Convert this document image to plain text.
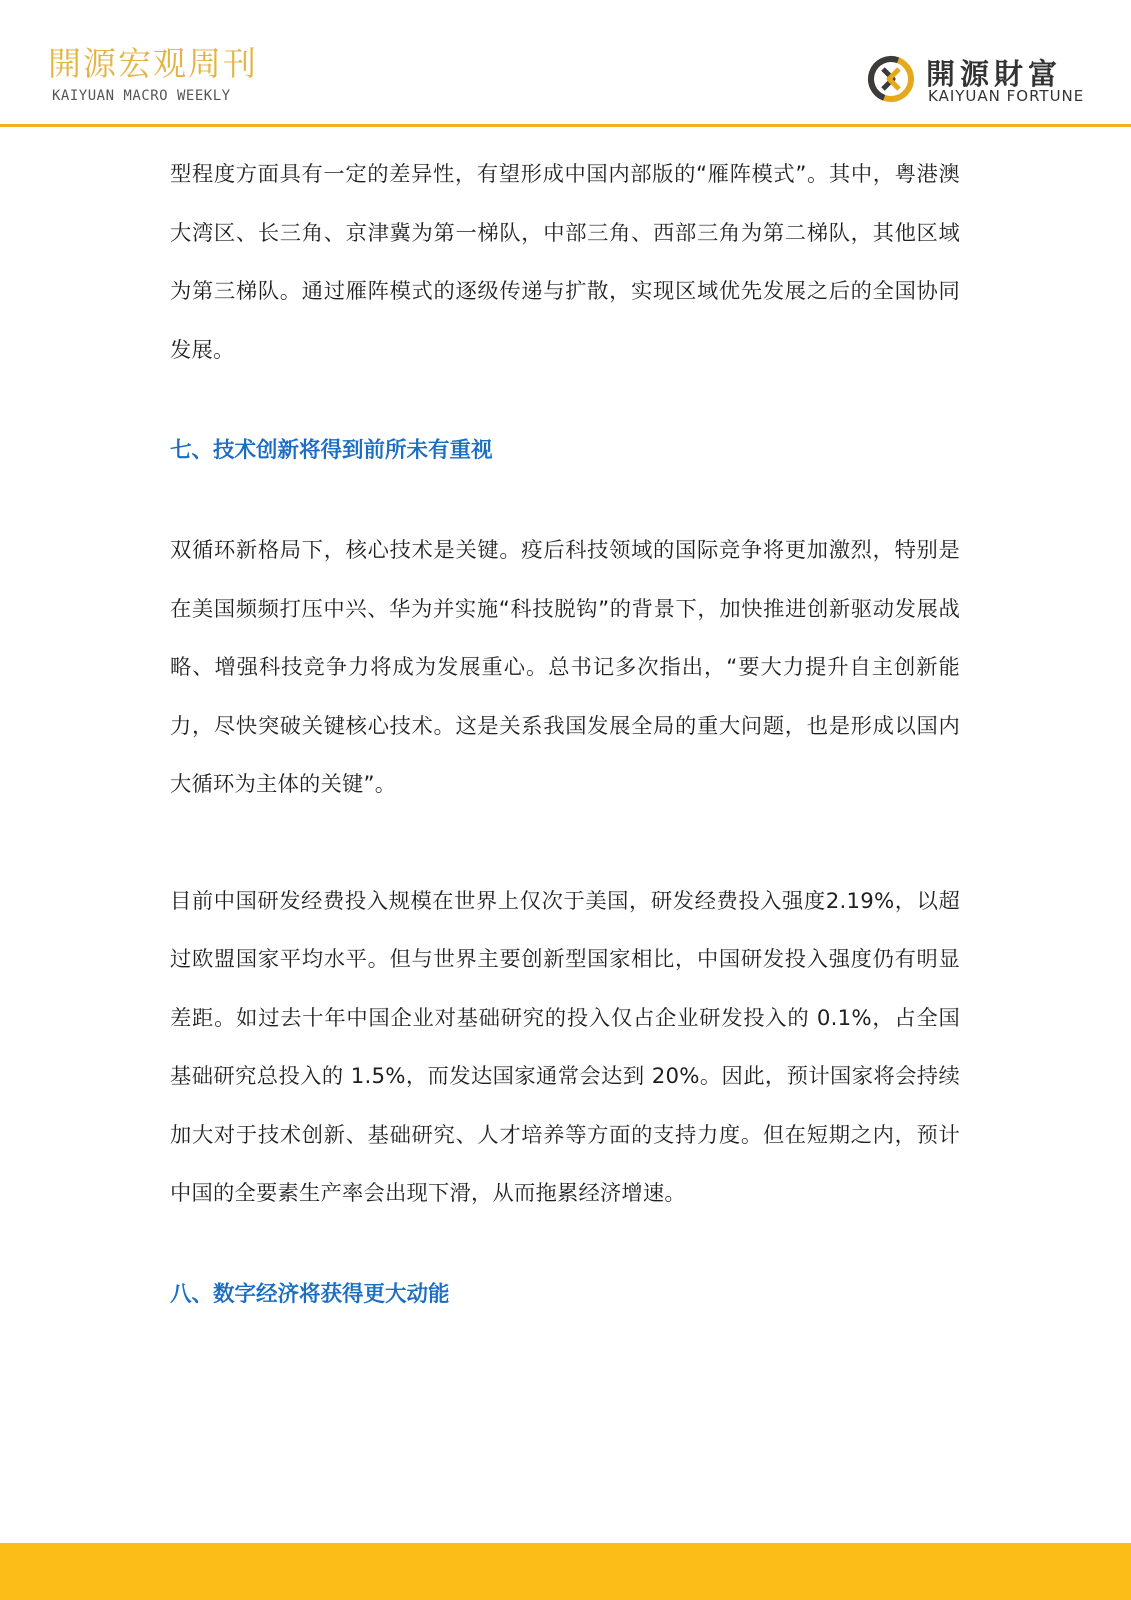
開源宏观周刊
KAIYUAN MACRO WEEKLY
開源財富
KAIYUAN FORTUNE

型程度方面具有一定的差异性，有望形成中国内部版的“雁阵模式”。其中，粤港澳大湾区、长三角、京津冀为第一梯队，中部三角、西部三角为第二梯队，其他区域为第三梯队。通过雁阵模式的逐级传递与扩散，实现区域优先发展之后的全国协同发展。

七、技术创新将得到前所未有重视

双循环新格局下，核心技术是关键。疫后科技领域的国际竞争将更加激烈，特别是在美国频频打压中兴、华为并实施“科技脱钩”的背景下，加快推进创新驱动发展战略、增强科技竞争力将成为发展重心。总书记多次指出，“要大力提升自主创新能力，尽快突破关键核心技术。这是关系我国发展全局的重大问题，也是形成以国内大循环为主体的关键”。

目前中国研发经费投入规模在世界上仅次于美国，研发经费投入强度2.19%，以超过欧盟国家平均水平。但与世界主要创新型国家相比，中国研发投入强度仍有明显差距。如过去十年中国企业对基础研究的投入仅占企业研发投入的 0.1%，占全国基础研究总投入的 1.5%，而发达国家通常会达到 20%。因此，预计国家将会持续加大对于技术创新、基础研究、人才培养等方面的支持力度。但在短期之内，预计中国的全要素生产率会出现下滑，从而拖累经济增速。

八、数字经济将获得更大动能
